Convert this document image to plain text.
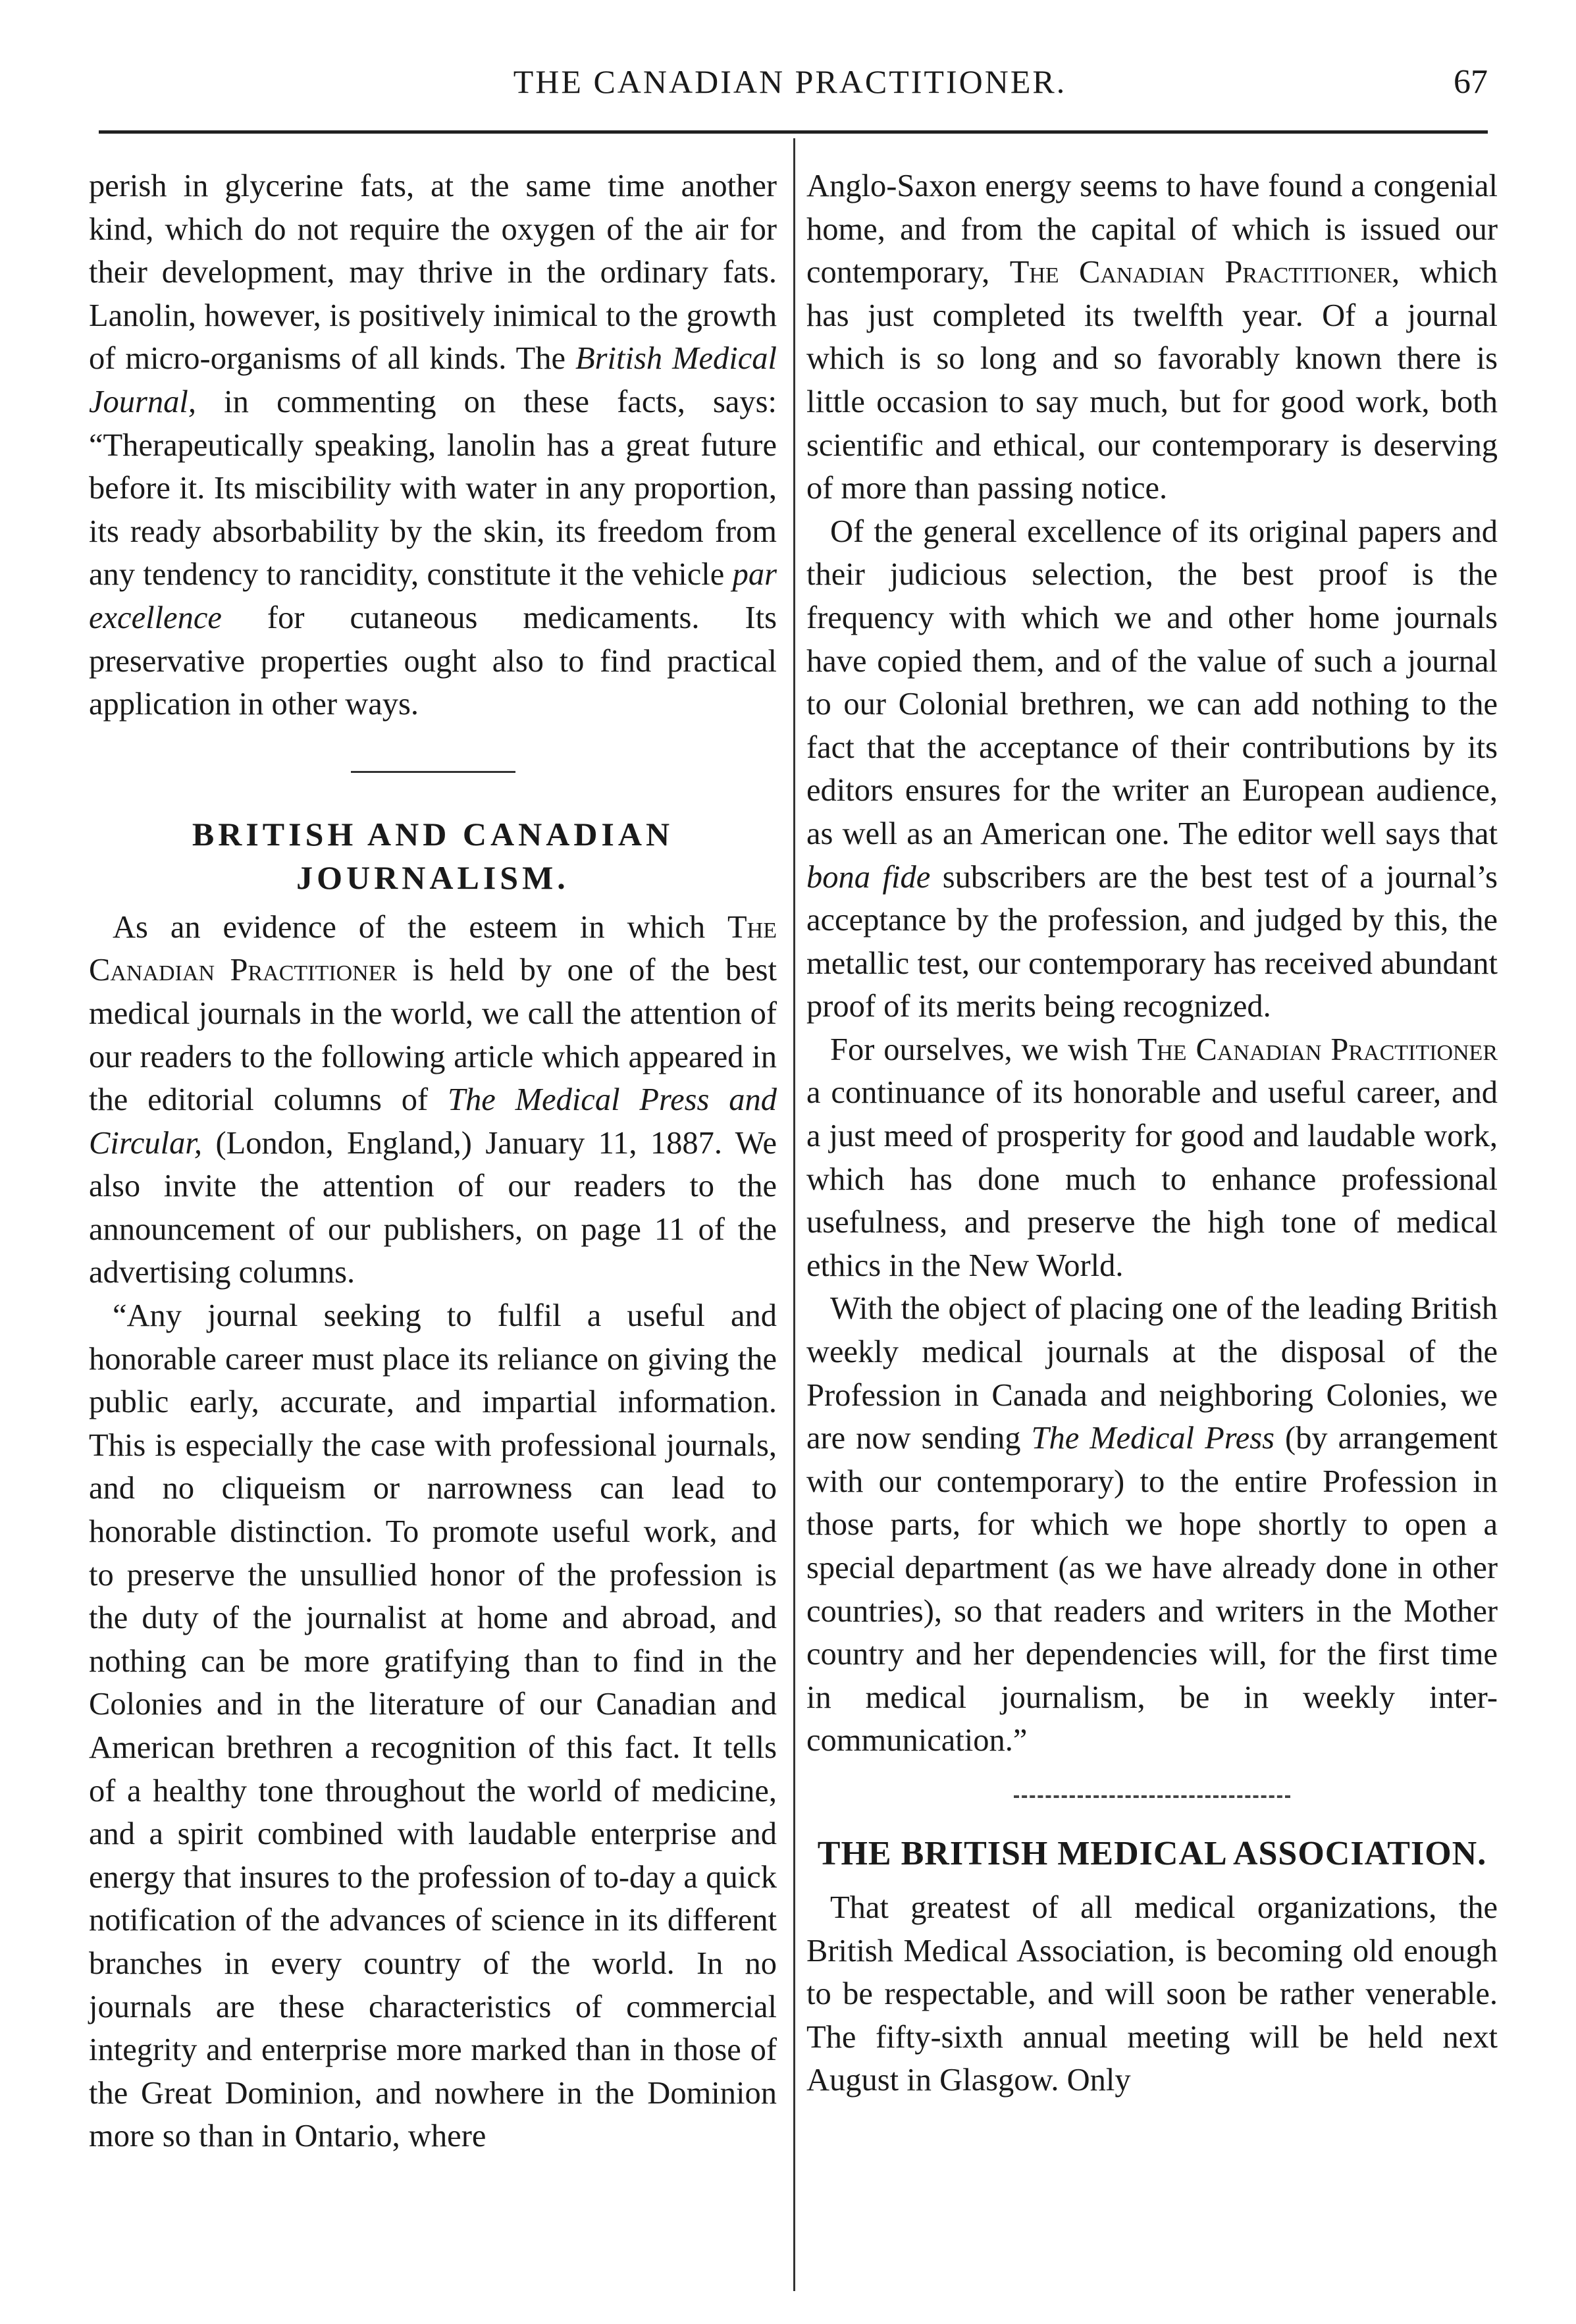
THE CANADIAN PRACTITIONER.	67

perish in glycerine fats, at the same time another kind, which do not require the oxygen of the air for their development, may thrive in the ordinary fats. Lanolin, however, is positively inimical to the growth of micro-organisms of all kinds. The British Medical Journal, in commenting on these facts, says: “Therapeutically speaking, lanolin has a great future before it. Its miscibility with water in any proportion, its ready absorbability by the skin, its freedom from any tendency to rancidity, constitute it the vehicle par excellence for cutaneous medicaments. Its preservative properties ought also to find practical application in other ways.

BRITISH AND CANADIAN JOURNALISM.

As an evidence of the esteem in which The Canadian Practitioner is held by one of the best medical journals in the world, we call the attention of our readers to the following article which appeared in the editorial columns of The Medical Press and Circular, (London, England,) January 11, 1887. We also invite the attention of our readers to the announcement of our publishers, on page 11 of the advertising columns.

“Any journal seeking to fulfil a useful and honorable career must place its reliance on giving the public early, accurate, and impartial information. This is especially the case with professional journals, and no cliqueism or narrowness can lead to honorable distinction. To promote useful work, and to preserve the unsullied honor of the profession is the duty of the journalist at home and abroad, and nothing can be more gratifying than to find in the Colonies and in the literature of our Canadian and American brethren a recognition of this fact. It tells of a healthy tone throughout the world of medicine, and a spirit combined with laudable enterprise and energy that insures to the profession of to-day a quick notification of the advances of science in its different branches in every country of the world. In no journals are these characteristics of commercial integrity and enterprise more marked than in those of the Great Dominion, and nowhere in the Dominion more so than in Ontario, where

Anglo-Saxon energy seems to have found a congenial home, and from the capital of which is issued our contemporary, The Canadian Practitioner, which has just completed its twelfth year. Of a journal which is so long and so favorably known there is little occasion to say much, but for good work, both scientific and ethical, our contemporary is deserving of more than passing notice.

Of the general excellence of its original papers and their judicious selection, the best proof is the frequency with which we and other home journals have copied them, and of the value of such a journal to our Colonial brethren, we can add nothing to the fact that the acceptance of their contributions by its editors ensures for the writer an European audience, as well as an American one. The editor well says that bona fide subscribers are the best test of a journal’s acceptance by the profession, and judged by this, the metallic test, our contemporary has received abundant proof of its merits being recognized.

For ourselves, we wish The Canadian Practitioner a continuance of its honorable and useful career, and a just meed of prosperity for good and laudable work, which has done much to enhance professional usefulness, and preserve the high tone of medical ethics in the New World.

With the object of placing one of the leading British weekly medical journals at the disposal of the Profession in Canada and neighboring Colonies, we are now sending The Medical Press (by arrangement with our contemporary) to the entire Profession in those parts, for which we hope shortly to open a special department (as we have already done in other countries), so that readers and writers in the Mother country and her dependencies will, for the first time in medical journalism, be in weekly inter-communication.”

THE BRITISH MEDICAL ASSOCIATION.

That greatest of all medical organizations, the British Medical Association, is becoming old enough to be respectable, and will soon be rather venerable. The fifty-sixth annual meeting will be held next August in Glasgow. Only
